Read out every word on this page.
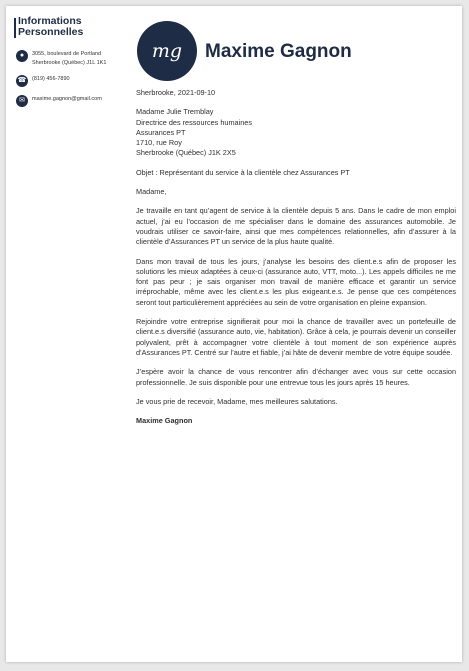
Informations
Personnelles
●	3055, boulevard de Portland
Sherbrooke (Québec) J1L 1K1
☎ (819) 456-7890
✉	maxime.gagnon@gmail.com
mg	Maxime Gagnon

Sherbrooke, 2021-09-10

Madame Julie Tremblay

Directrice des ressources humaines

Assurances PT

1710, rue Roy

Sherbrooke (Québec) J1K 2X5

Objet : Représentant du service à la clientèle chez Assurances PT

Madame,

Je travaille en tant qu’agent de service à la clientèle depuis 5 ans. Dans le cadre de mon emploi actuel, j’ai eu l’occasion de me spécialiser dans le domaine des assurances automobile. Je voudrais utiliser ce savoir-faire, ainsi que mes compétences relationnelles, afin d’assurer à la clientèle d’Assurances PT un service de la plus haute qualité.

Dans mon travail de tous les jours, j’analyse les besoins des client.e.s afin de proposer les solutions les mieux adaptées à ceux-ci (assurance auto, VTT, moto...). Les appels difficiles ne me font pas peur ; je sais organiser mon travail de manière efficace et garantir un service irréprochable, même avec les client.e.s les plus exigeant.e.s. Je pense que ces compétences seront tout particulièrement appréciées au sein de votre organisation en pleine expansion.

Rejoindre votre entreprise signifierait pour moi la chance de travailler avec un portefeuille de client.e.s diversifié (assurance auto, vie, habitation). Grâce à cela, je pourrais devenir un conseiller polyvalent, prêt à accompagner votre clientèle à tout moment de son expérience auprès d’Assurances PT. Centré sur l’autre et fiable, j’ai hâte de devenir membre de votre équipe soudée.

J’espère avoir la chance de vous rencontrer afin d’échanger avec vous sur cette occasion professionnelle. Je suis disponible pour une entrevue tous les jours après 15 heures.

Je vous prie de recevoir, Madame, mes meilleures salutations.

Maxime Gagnon
